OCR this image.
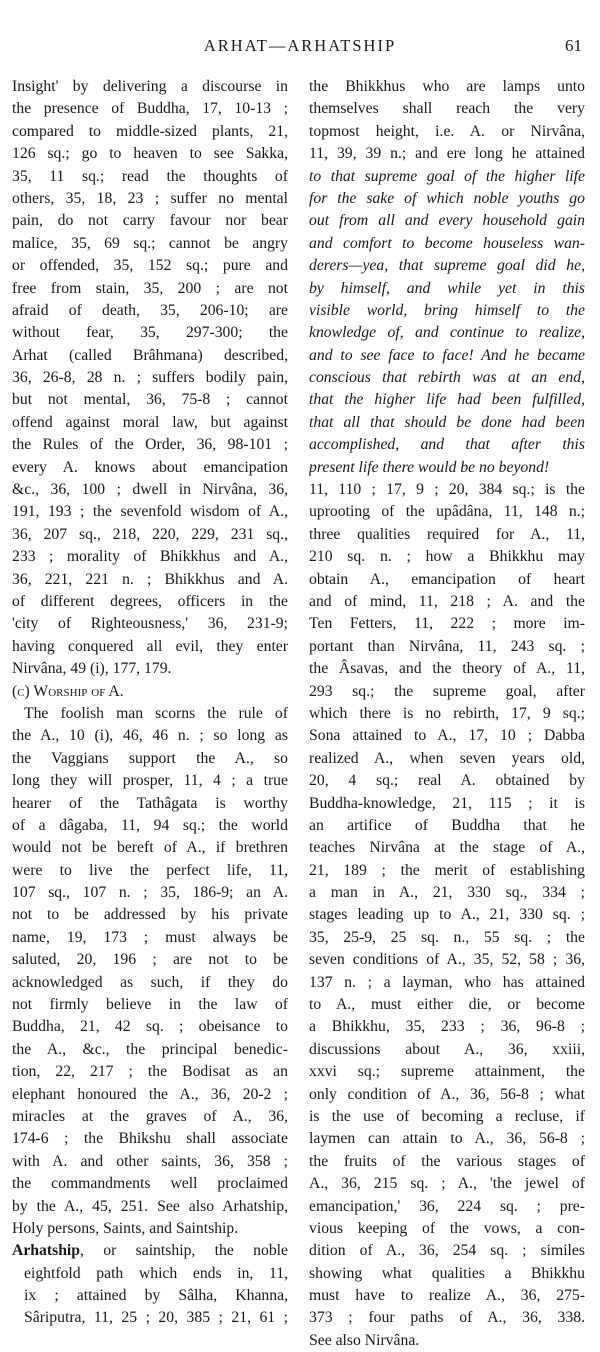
ARHAT—ARHATSHIP	61
Insight' by delivering a discourse in
the presence of Buddha, 17, 10-13 ;
compared to middle-sized plants, 21,
126 sq.; go to heaven to see Sakka,
35, 11 sq.; read the thoughts of
others, 35, 18, 23 ; suffer no mental
pain, do not carry favour nor bear
malice, 35, 69 sq.; cannot be angry
or offended, 35, 152 sq.; pure and
free from stain, 35, 200 ; are not
afraid of death, 35, 206-10; are
without fear, 35, 297-300; the
Arhat (called Brâhmana) described,
36, 26-8, 28 n. ; suffers bodily pain,
but not mental, 36, 75-8 ; cannot
offend against moral law, but against
the Rules of the Order, 36, 98-101 ;
every A. knows about emancipation
&c., 36, 100 ; dwell in Nirvâna, 36,
191, 193 ; the sevenfold wisdom of A.,
36, 207 sq., 218, 220, 229, 231 sq.,
233 ; morality of Bhikkhus and A.,
36, 221, 221 n. ; Bhikkhus and A.
of different degrees, officers in the
'city of Righteousness,' 36, 231-9;
having conquered all evil, they enter
Nirvâna, 49 (i), 177, 179.
(c) Worship of A.
The foolish man scorns the rule of
the A., 10 (i), 46, 46 n. ; so long as
the Vaggians support the A., so
long they will prosper, 11, 4 ; a true
hearer of the Tathâgata is worthy
of a dâgaba, 11, 94 sq.; the world
would not be bereft of A., if brethren
were to live the perfect life, 11,
107 sq., 107 n. ; 35, 186-9; an A.
not to be addressed by his private
name, 19, 173 ; must always be
saluted, 20, 196 ; are not to be
acknowledged as such, if they do
not firmly believe in the law of
Buddha, 21, 42 sq. ; obeisance to
the A., &c., the principal benedic-
tion, 22, 217 ; the Bodisat as an
elephant honoured the A., 36, 20-2 ;
miracles at the graves of A., 36,
174-6 ; the Bhikshu shall associate
with A. and other saints, 36, 358 ;
the commandments well proclaimed
by the A., 45, 251. See also Arhatship,
Holy persons, Saints, and Saintship.
Arhatship, or saintship, the noble
eightfold path which ends in, 11,
ix ; attained by Sâlha, Khanna,
Sâriputra, 11, 25 ; 20, 385 ; 21, 61 ;
the Bhikkhus who are lamps unto
themselves shall reach the very
topmost height, i.e. A. or Nirvâna,
11, 39, 39 n.; and ere long he attained
to that supreme goal of the higher life
for the sake of which noble youths go
out from all and every household gain
and comfort to become houseless wan-
derers—yea, that supreme goal did he,
by himself, and while yet in this
visible world, bring himself to the
knowledge of, and continue to realize,
and to see face to face! And he became
conscious that rebirth was at an end,
that the higher life had been fulfilled,
that all that should be done had been
accomplished, and that after this
present life there would be no beyond!
11, 110 ; 17, 9 ; 20, 384 sq.; is the
uprooting of the upâdâna, 11, 148 n.;
three qualities required for A., 11,
210 sq. n. ; how a Bhikkhu may
obtain A., emancipation of heart
and of mind, 11, 218 ; A. and the
Ten Fetters, 11, 222 ; more im-
portant than Nirvâna, 11, 243 sq. ;
the Âsavas, and the theory of A., 11,
293 sq.; the supreme goal, after
which there is no rebirth, 17, 9 sq.;
Sona attained to A., 17, 10 ; Dabba
realized A., when seven years old,
20, 4 sq.; real A. obtained by
Buddha-knowledge, 21, 115 ; it is
an artifice of Buddha that he
teaches Nirvâna at the stage of A.,
21, 189 ; the merit of establishing
a man in A., 21, 330 sq., 334 ;
stages leading up to A., 21, 330 sq. ;
35, 25-9, 25 sq. n., 55 sq. ; the
seven conditions of A., 35, 52, 58 ; 36,
137 n. ; a layman, who has attained
to A., must either die, or become
a Bhikkhu, 35, 233 ; 36, 96-8 ;
discussions about A., 36, xxiii,
xxvi sq.; supreme attainment, the
only condition of A., 36, 56-8 ; what
is the use of becoming a recluse, if
laymen can attain to A., 36, 56-8 ;
the fruits of the various stages of
A., 36, 215 sq. ; A., 'the jewel of
emancipation,' 36, 224 sq. ; pre-
vious keeping of the vows, a con-
dition of A., 36, 254 sq. ; similes
showing what qualities a Bhikkhu
must have to realize A., 36, 275-
373 ; four paths of A., 36, 338.
See also Nirvâna.
